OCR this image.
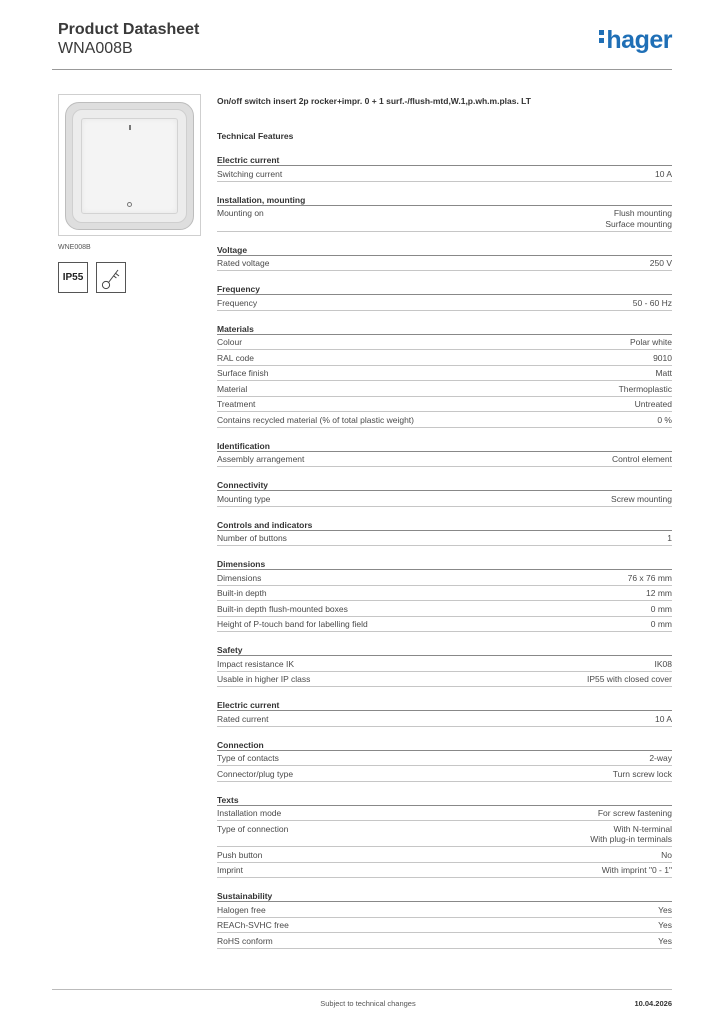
Product Datasheet
WNA008B	hager
WNE008B
IP55
On/off switch insert 2p rocker+impr. 0 + 1 surf.-/flush-mtd,W.1,p.wh.m.plas. LT
Technical Features
Electric current
Switching current	10 A
Installation, mounting
Mounting on	Flush mounting
Surface mounting
Voltage
Rated voltage	250 V
Frequency
Frequency	50 - 60 Hz
Materials
Colour	Polar white
RAL code	9010
Surface finish	Matt
Material	Thermoplastic
Treatment	Untreated
Contains recycled material (% of total plastic weight)	0 %
Identification
Assembly arrangement	Control element
Connectivity
Mounting type	Screw mounting
Controls and indicators
Number of buttons	1
Dimensions
Dimensions	76 x 76 mm
Built-in depth	12 mm
Built-in depth flush-mounted boxes	0 mm
Height of P-touch band for labelling field	0 mm
Safety
Impact resistance IK	IK08
Usable in higher IP class	IP55 with closed cover
Electric current
Rated current	10 A
Connection
Type of contacts	2-way
Connector/plug type	Turn screw lock
Texts
Installation mode	For screw fastening
Type of connection	With N-terminal
With plug-in terminals
Push button	No
Imprint	With imprint "0 - 1"
Sustainability
Halogen free	Yes
REACh-SVHC free	Yes
RoHS conform	Yes
Subject to technical changes	10.04.2026
